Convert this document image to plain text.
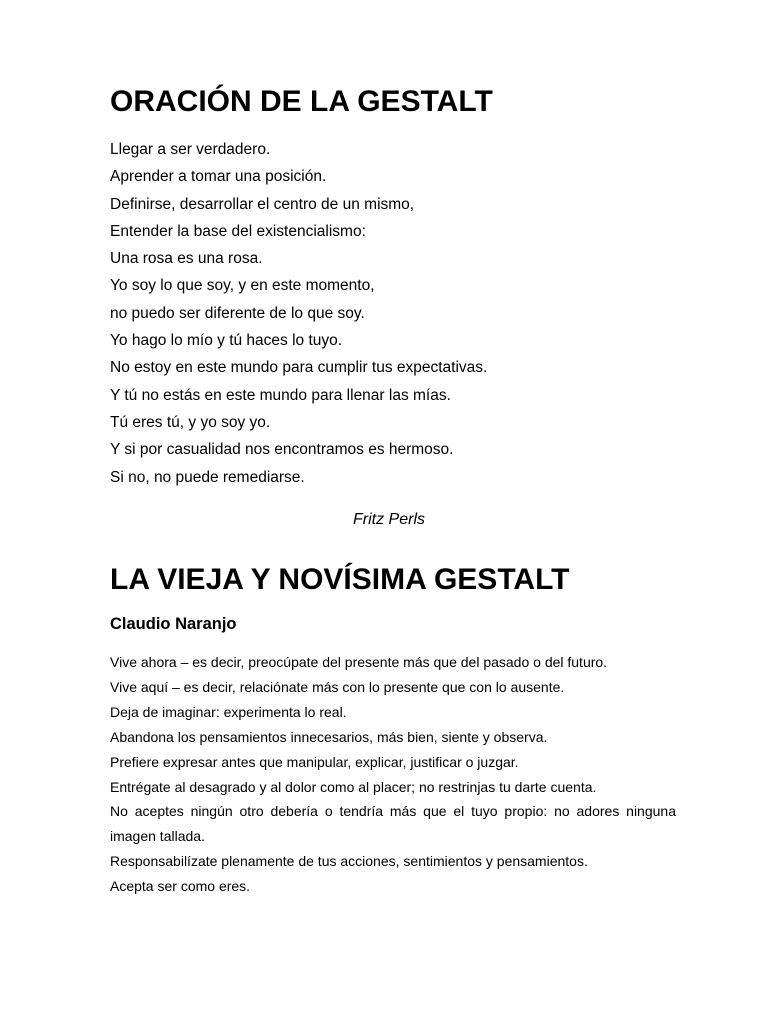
ORACIÓN DE LA GESTALT
Llegar a ser verdadero.
Aprender a tomar una posición.
Definirse, desarrollar el centro de un mismo,
Entender la base del existencialismo:
Una rosa es una rosa.
Yo soy lo que soy, y en este momento,
no puedo ser diferente de lo que soy.
Yo hago lo mío y tú haces lo tuyo.
No estoy en este mundo para cumplir tus expectativas.
Y tú no estás en este mundo para llenar las mías.
Tú eres tú, y yo soy yo.
Y si por casualidad nos encontramos es hermoso.
Si no, no puede remediarse.
Fritz Perls
LA VIEJA Y NOVÍSIMA GESTALT
Claudio Naranjo
Vive ahora – es decir, preocúpate del presente más que del pasado o del futuro.
Vive aquí – es decir, relaciónate más con lo presente que con lo ausente.
Deja de imaginar: experimenta lo real.
Abandona los pensamientos innecesarios, más bien, siente y observa.
Prefiere expresar antes que manipular, explicar, justificar o juzgar.
Entrégate al desagrado y al dolor como al placer; no restrinjas tu darte cuenta.
No aceptes ningún otro debería o tendría más que el tuyo propio: no adores ninguna imagen tallada.
Responsabilízate plenamente de tus acciones, sentimientos y pensamientos.
Acepta ser como eres.
